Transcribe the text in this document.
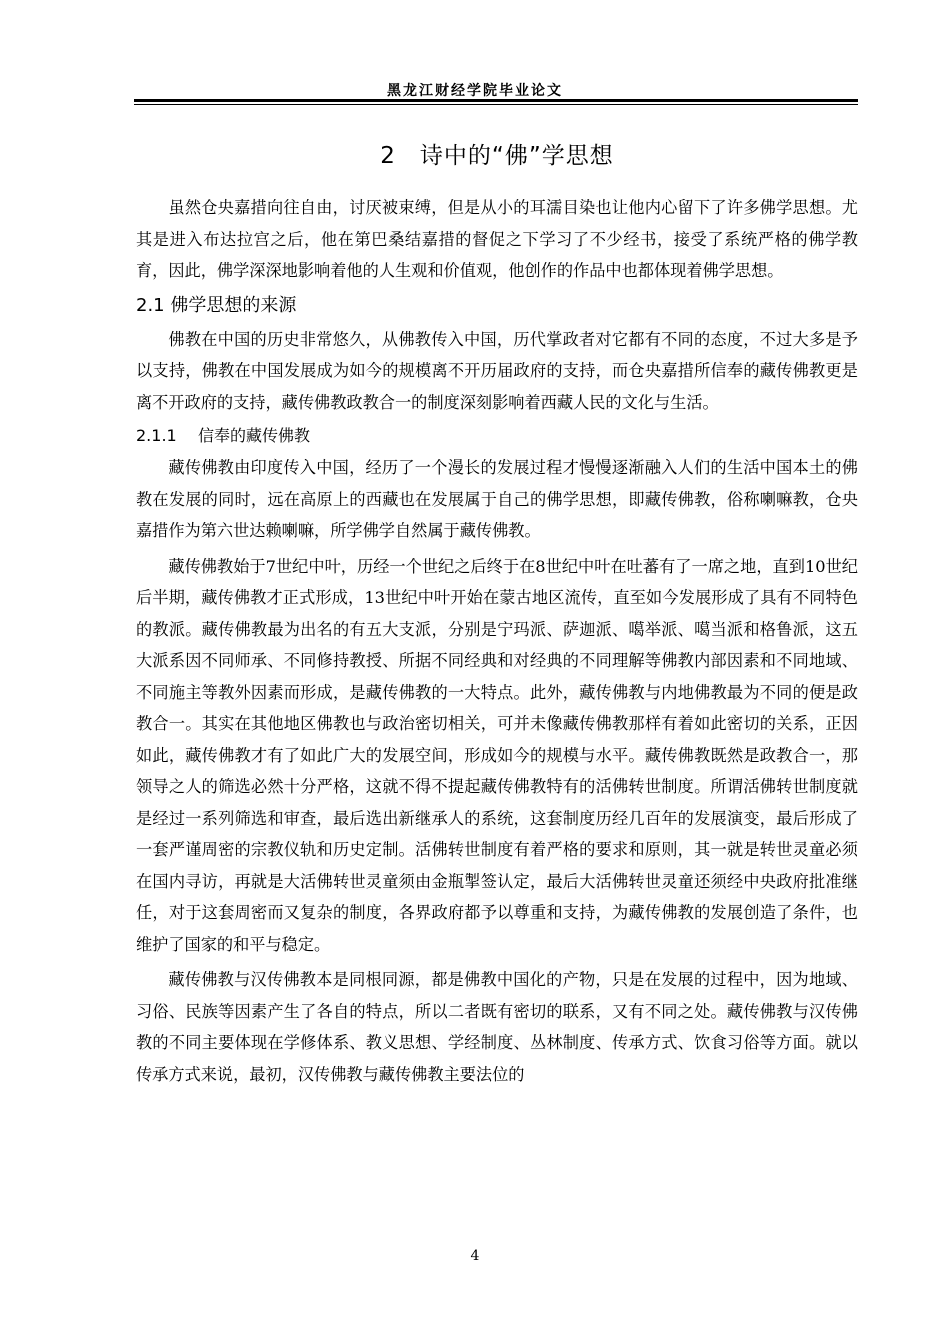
黑龙江财经学院毕业论文
2　诗中的“佛”学思想

虽然仓央嘉措向往自由，讨厌被束缚，但是从小的耳濡目染也让他内心留下了许多佛学思想。尤其是进入布达拉宫之后，他在第巴桑结嘉措的督促之下学习了不少经书，接受了系统严格的佛学教育，因此，佛学深深地影响着他的人生观和价值观，他创作的作品中也都体现着佛学思想。

2.1 佛学思想的来源

佛教在中国的历史非常悠久，从佛教传入中国，历代掌政者对它都有不同的态度，不过大多是予以支持，佛教在中国发展成为如今的规模离不开历届政府的支持，而仓央嘉措所信奉的藏传佛教更是离不开政府的支持，藏传佛教政教合一的制度深刻影响着西藏人民的文化与生活。

2.1.1 信奉的藏传佛教

藏传佛教由印度传入中国，经历了一个漫长的发展过程才慢慢逐渐融入人们的生活中国本土的佛教在发展的同时，远在高原上的西藏也在发展属于自己的佛学思想，即藏传佛教，俗称喇嘛教，仓央嘉措作为第六世达赖喇嘛，所学佛学自然属于藏传佛教。

藏传佛教始于7世纪中叶，历经一个世纪之后终于在8世纪中叶在吐蕃有了一席之地，直到10世纪后半期，藏传佛教才正式形成，13世纪中叶开始在蒙古地区流传，直至如今发展形成了具有不同特色的教派。藏传佛教最为出名的有五大支派，分别是宁玛派、萨迦派、噶举派、噶当派和格鲁派，这五大派系因不同师承、不同修持教授、所据不同经典和对经典的不同理解等佛教内部因素和不同地域、不同施主等教外因素而形成，是藏传佛教的一大特点。此外，藏传佛教与内地佛教最为不同的便是政教合一。其实在其他地区佛教也与政治密切相关，可并未像藏传佛教那样有着如此密切的关系，正因如此，藏传佛教才有了如此广大的发展空间，形成如今的规模与水平。藏传佛教既然是政教合一，那领导之人的筛选必然十分严格，这就不得不提起藏传佛教特有的活佛转世制度。所谓活佛转世制度就是经过一系列筛选和审查，最后选出新继承人的系统，这套制度历经几百年的发展演变，最后形成了一套严谨周密的宗教仪轨和历史定制。活佛转世制度有着严格的要求和原则，其一就是转世灵童必须在国内寻访，再就是大活佛转世灵童须由金瓶掣签认定，最后大活佛转世灵童还须经中央政府批准继任，对于这套周密而又复杂的制度，各界政府都予以尊重和支持，为藏传佛教的发展创造了条件，也维护了国家的和平与稳定。

藏传佛教与汉传佛教本是同根同源，都是佛教中国化的产物，只是在发展的过程中，因为地域、习俗、民族等因素产生了各自的特点，所以二者既有密切的联系，又有不同之处。藏传佛教与汉传佛教的不同主要体现在学修体系、教义思想、学经制度、丛林制度、传承方式、饮食习俗等方面。就以传承方式来说，最初，汉传佛教与藏传佛教主要法位的

4
